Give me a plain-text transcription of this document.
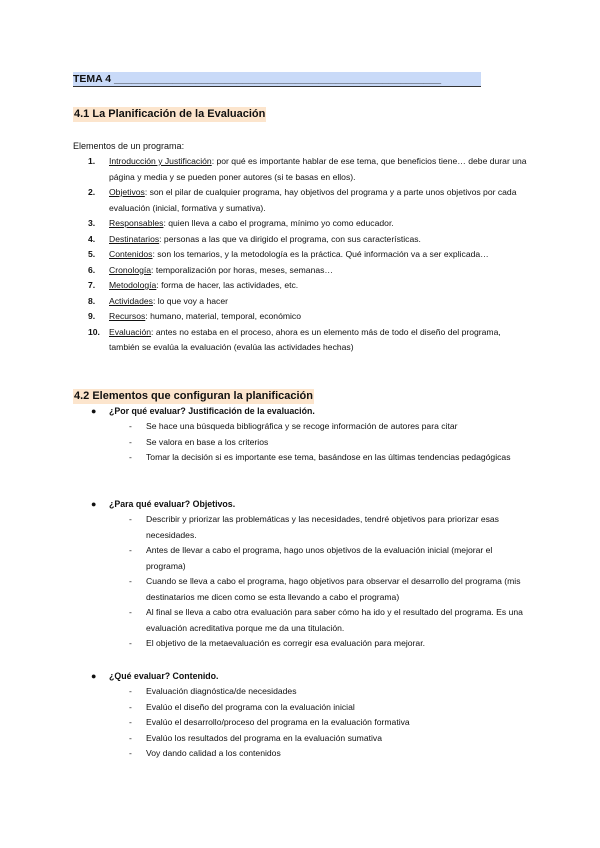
TEMA 4 ________________________________________________________
4.1 La Planificación de la Evaluación
Elementos de un programa:
1. Introducción y Justificación: por qué es importante hablar de ese tema, que beneficios tiene… debe durar una página y media y se pueden poner autores (si te basas en ellos).
2. Objetivos: son el pilar de cualquier programa, hay objetivos del programa y a parte unos objetivos por cada evaluación (inicial, formativa y sumativa).
3. Responsables: quien lleva a cabo el programa, mínimo yo como educador.
4. Destinatarios: personas a las que va dirigido el programa, con sus características.
5. Contenidos: son los temarios, y la metodología es la práctica. Qué información va a ser explicada…
6. Cronología: temporalización por horas, meses, semanas…
7. Metodología: forma de hacer, las actividades, etc.
8. Actividades: lo que voy a hacer
9. Recursos: humano, material, temporal, económico
10. Evaluación: antes no estaba en el proceso, ahora es un elemento más de todo el diseño del programa, también se evalúa la evaluación (evalúa las actividades hechas)
4.2 Elementos que configuran la planificación
● ¿Por qué evaluar? Justificación de la evaluación.
- Se hace una búsqueda bibliográfica y se recoge información de autores para citar
- Se valora en base a los criterios
- Tomar la decisión si es importante ese tema, basándose en las últimas tendencias pedagógicas
● ¿Para qué evaluar? Objetivos.
- Describir y priorizar las problemáticas y las necesidades, tendré objetivos para priorizar esas necesidades.
- Antes de llevar a cabo el programa, hago unos objetivos de la evaluación inicial (mejorar el programa)
- Cuando se lleva a cabo el programa, hago objetivos para observar el desarrollo del programa (mis destinatarios me dicen como se esta llevando a cabo el programa)
- Al final se lleva a cabo otra evaluación para saber cómo ha ido y el resultado del programa. Es una evaluación acreditativa porque me da una titulación.
- El objetivo de la metaevaluación es corregir esa evaluación para mejorar.
● ¿Qué evaluar? Contenido.
- Evaluación diagnóstica/de necesidades
- Evalúo el diseño del programa con la evaluación inicial
- Evalúo el desarrollo/proceso del programa en la evaluación formativa
- Evalúo los resultados del programa en la evaluación sumativa
- Voy dando calidad a los contenidos
